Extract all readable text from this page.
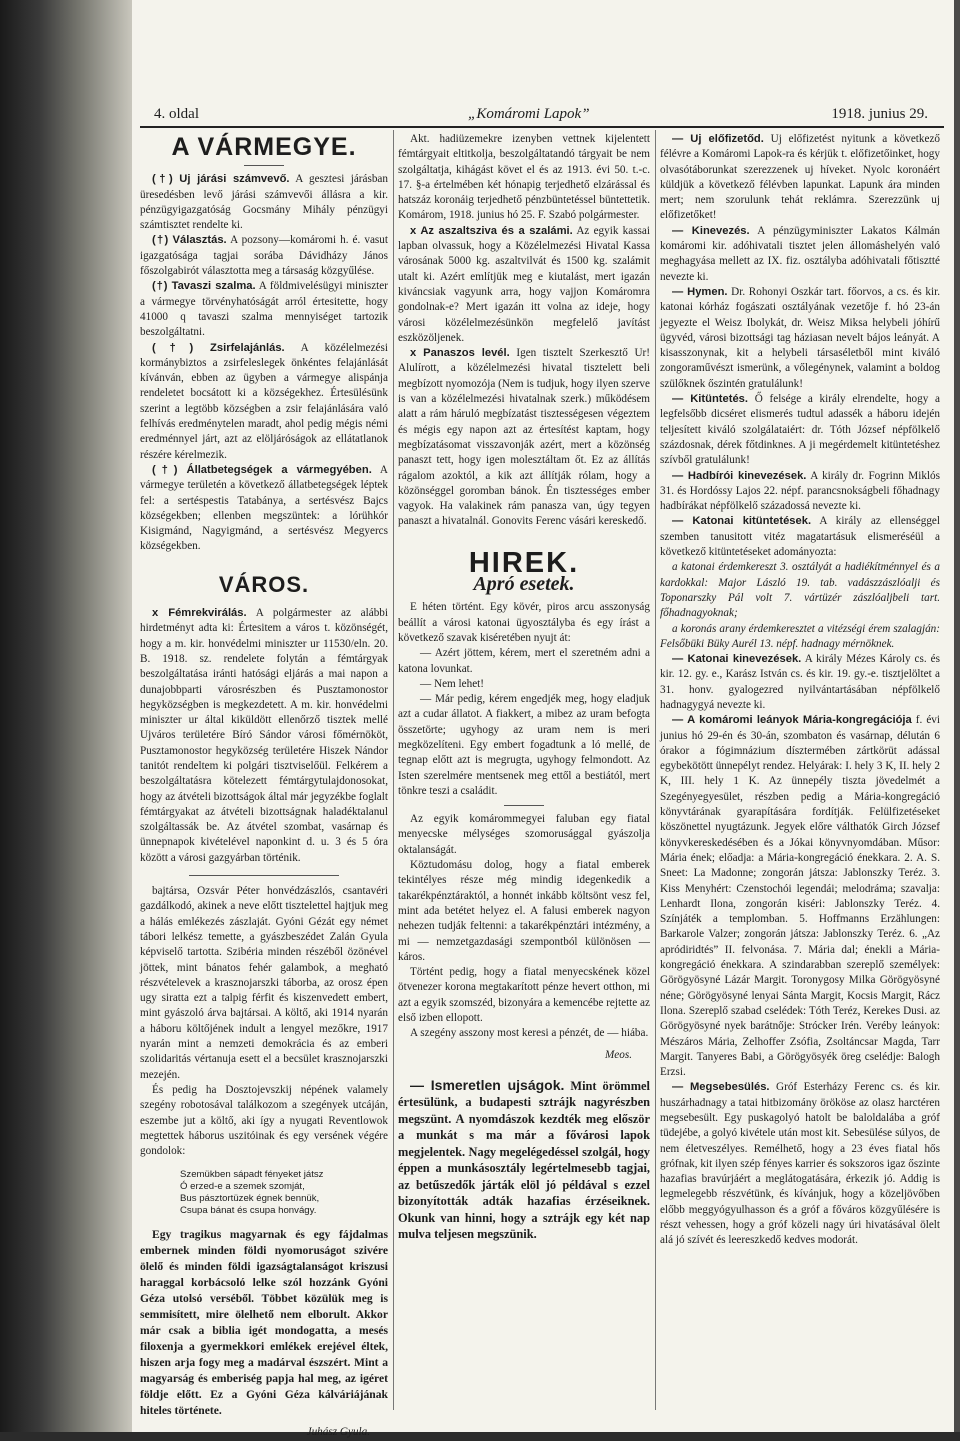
4. oldal	„Komáromi Lapok”	1918. junius 29.
A VÁRMEGYE.

(†) Uj járási számvevő. A gesztesi járásban üresedésben levő járási számvevői állásra a kir. pénzügyigazgatóság Gocsmány Mihály pénzügyi számtisztet rendelte ki.

(†) Választás. A pozsony—komáromi h. é. vasut igazgatósága tagjai sorába Dávidházy János főszolgabirót választotta meg a társaság közgyűlése.

(†) Tavaszi szalma. A földmivelésügyi miniszter a vármegye törvényhatóságát arról értesitette, hogy 41000 q tavaszi szalma mennyiséget tartozik beszolgáltatni.

(†) Zsirfelajánlás. A közélelmezési kormánybiztos a zsirfeleslegek önkéntes felajánlását kívánván, ebben az ügyben a vármegye alispánja rendeletet bocsátott ki a községekhez. Értesülésünk szerint a legtöbb községben a zsir felajánlására való felhívás eredménytelen maradt, ahol pedig mégis némi eredménnyel járt, azt az elöljáróságok az ellátatlanok részére kérelmezik.

(†) Állatbetegségek a vármegyében. A vármegye területén a következő állatbetegségek léptek fel: a sertéspestis Tatabánya, a sertésvész Bajcs községekben; ellenben megszüntek: a lórühkór Kisigmánd, Nagyigmánd, a sertésvész Megyercs községekben.

VÁROS.

x Fémrekvirálás. A polgármester az alábbi hirdetményt adta ki: Értesitem a város t. közönségét, hogy a m. kir. honvédelmi miniszter ur 11530/eln. 20. B. 1918. sz. rendelete folytán a fémtárgyak beszolgáltatása iránti hatósági eljárás a mai napon a dunajobbparti városrészben és Pusztamonostor hegyközségben is megkezdetett. A m. kir. honvédelmi miniszter ur által kiküldött ellenőrző tisztek mellé Ujváros területére Bíró Sándor városi főmérnököt, Pusztamonostor hegyközség területére Hiszek Nándor tanitót rendeltem ki polgári tisztviselőül. Felkérem a beszolgáltatásra kötelezett fémtárgytulajdonosokat, hogy az átvételi bizottságok által már jegyzékbe foglalt fémtárgyakat az átvételi bizottságnak haladéktalanul szolgáltassák be. Az átvétel szombat, vasárnap és ünnepnapok kivételével naponkint d. u. 3 és 5 óra között a városi gazgyárban történik.

bajtársa, Ozsvár Péter honvédzászlós, csantavéri gazdálkodó, akinek a neve előtt tisztelettel hajtjuk meg a hálás emlékezés zászlaját. Gyóni Gézát egy német tábori lelkész temette, a gyászbeszédet Zalán Gyula képviselő tartotta. Szibéria minden részéből özönével jöttek, mint bánatos fehér galambok, a megható részvételevek a krasznojarszki táborba, az orosz épen ugy siratta ezt a talpig férfit és kiszenvedett embert, mint gyászoló árva bajtársai. A költő, aki 1914 nyarán a háboru költőjének indult a lengyel mezőkre, 1917 nyarán mint a nemzeti demokrácia és az emberi szolidaritás vértanuja esett el a becsület krasznojarszki mezején.

És pedig ha Dosztojevszkij népének valamely szegény robotosával találkozom a szegények utcáján, eszembe jut a költő, aki így a nyugati Reventlowok megtettek háborus uszitóinak és egy versének végére gondolok:

Szemükben sápadt fényeket játsz
Ó erzed-e a szemek szomját,
Bus pásztortüzek égnek bennük,
Csupa bánat és csupa honvágy.

Egy tragikus magyarnak és egy fájdalmas embernek minden földi nyomoruságot szivére ölelő és minden földi igazságtalanságot kriszusi haraggal korbácsoló lelke szól hozzánk Gyóni Géza utolsó verséből. Többet közülük meg is semmisített, mire ölelhető nem elborult. Akkor már csak a biblia igét mondogatta, a mesés filoxenja a gyermekkori emlékek erejével éltek, hiszen arja fogy meg a madárval észszért. Mint a magyarság és emberiség papja hal meg, az igéret földje előtt. Ez a Gyóni Géza kálváriájának hiteles története.

Juhász Gyula.

Akt. hadiüzemekre izenyben vettnek kijelentett fémtárgyait eltitkolja, beszolgáltatandó tárgyait be nem szolgáltatja, kihágást követ el és az 1913. évi 50. t.-c. 17. §-a értelmében két hónapig terjedhető elzárással és hatszáz koronáig terjedhető pénzbüntetéssel büntettetik. Komárom, 1918. junius hó 25. F. Szabó polgármester.

x Az aszaltsziva és a szalámi. Az egyik kassai lapban olvassuk, hogy a Közélelmezési Hivatal Kassa városának 5000 kg. aszaltvilvát és 1500 kg. szalámit utalt ki. Azért említjük meg e kiutalást, mert igazán kiváncsiak vagyunk arra, hogy vajjon Komáromra gondolnak-e? Mert igazán itt volna az ideje, hogy városi közélelmezésünkön megfelelő javítást eszközöljenek.

x Panaszos levél. Igen tisztelt Szerkesztő Ur! Alulírott, a közélelmezési hivatal tisztelett beli megbízott nyomozója (Nem is tudjuk, hogy ilyen szerve is van a közélelmezési hivatalnak szerk.) működésem alatt a rám háruló megbízatást tisztességesen végeztem és mégis egy napon azt az értesítést kaptam, hogy megbízatásomat visszavonják azért, mert a közönség panaszt tett, hogy igen molesztáltam őt. Ez az állítás rágalom azoktól, a kik azt állítják rólam, hogy a közönséggel goromban bánok. Én tisztességes ember vagyok. Ha valakinek rám panasza van, úgy tegyen panaszt a hivatalnál. Gonovits Ferenc vásári kereskedő.

HIREK.
Apró esetek.

E héten történt. Egy kövér, piros arcu asszonyság beállít a városi katonai ügyosztályba és egy írást a következő szavak kiséretében nyujt át:

— Azért jöttem, kérem, mert el szeretném adni a katona lovunkat.

— Nem lehet!

— Már pedig, kérem engedjék meg, hogy eladjuk azt a cudar állatot. A fiakkert, a mibez az uram befogta összetörte; ugyhogy az uram nem is meri megközelíteni. Egy embert fogadtunk a ló mellé, de tegnap előtt azt is megrugta, ugyhogy felmondott. Az Isten szerelmére mentsenek meg ettől a bestiától, mert tönkre teszi a családit.

Az egyik komárommegyei faluban egy fiatal menyecske mélységes szomorusággal gyászolja oktalanságát.

Köztudomásu dolog, hogy a fiatal emberek tekintélyes része még mindig idegenkedik a takarékpénztáraktól, a honnét inkább költsönt vesz fel, mint ada betétet helyez el. A falusi emberek nagyon nehezen tudják feltenni: a takarékpénztári intézmény, a mi — nemzetgazdasági szempontból különösen — káros.

Történt pedig, hogy a fiatal menyecskének közel ötvenezer korona megtakarított pénze hevert ottho​n, mi azt a egyik szomszéd, bizonyára a kemencébe rejtette az első izben ellopott.

A szegény asszony most keresi a pénzét, de — hiába.

Meos.

— Ismeretlen ujságok. Mint örömmel értesülünk, a budapesti sztrájk nagyrészben megszünt. A nyomdászok kezdték meg először a munkát s ma már a fővárosi lapok megjelentek. Nagy megelégedéssel szolgál, hogy éppen a munkásosztály legértelmesebb tagjai, az betűszedők járták elöl jó példával s ezzel bizonyították adták hazafias érzéseiknek. Okunk van hinni, hogy a sztrájk egy két nap mulva teljesen megszünik.

— Uj előfizetőd. Uj előfizetést nyitunk a következő félévre a Komáromi Lapok-ra és kérjük t. előfizetőinket, hogy olvasótáborunkat szerezzenek uj híveket. Nyolc koronáért küldjük a következő félévben lapunkat. Lapunk ára minden mert; nem szorulunk tehát reklámra. Szerezzünk uj előfizetőket!

— Kinevezés. A pénzügyminiszter Lakatos Kálmán komáromi kir. adóhivatali tisztet jelen állomáshelyén való meghagyása mellett az IX. fiz. osztályba adóhivatali főtisztté nevezte ki.

— Hymen. Dr. Rohonyi Oszkár tart. főorvos, a cs. és kir. katonai kórház fogászati osztályának vezetője f. hó 23-án jegyezte el Weisz Ibolykát, dr. Weisz Miksa helybeli jóhírű ügyvéd, városi bizottsági tag háziasan nevelt bájos leányát. A kisasszonynak, kit a helybeli társaséletből mint kiváló zongoraművészt ismerünk, a vőlegénynek, valamint a boldog szülőknek őszintén gratulálunk!

— Kitüntetés. Ő felsége a király elrendelte, hogy a legfelsőbb dicséret elismerés tudtul adassék a háboru idején teljesített kiváló szolgálataiért: dr. Tóth József népfölkelő százdosnak, dérek főtdinknes. A ji megérdemelt kitüntetéshez szívből gratulálunk!

— Hadbírói kinevezések. A király dr. Fogrinn Miklós 31. és Hordóssy Lajos 22. népf. parancsnokságbeli főhadnagy hadbírákat népfölkelő századossá nevezte ki.

— Katonai kitüntetések. A király az ellenséggel szemben tanusitott vitéz magatartásuk elismeréséül a következő kitüntetéseket adományozta:

a katonai érdemkereszt 3. osztályát a hadiékítménnyel és a kardokkal: Major László 19. tab. vadászzászlóalji és Toponarszky Pál volt 7. vártüzér zászlóaljbeli tart. főhadnagyoknak;

a koronás arany érdemkeresztet a vitézségi érem szalagján: Felsőbüki Büky Aurél 13. népf. hadnagy mérnöknek.

— Katonai kinevezések. A király Mézes Károly cs. és kir. 12. gy. e., Karász István cs. és kir. 19. gy.-e. tisztjelöltet a 31. honv. gyalogezred nyilvántartásában népfölkelő hadnagygyá nevezte ki.

— A komáromi leányok Mária-kongregációja f. évi junius hó 29-én és 30-án, szombaton és vasárnap, délután 6 órakor a fógimnázium dísztermében zártkörüt adással egybekötött ünnepélyt rendez. Helyárak: I. hely 3 K, II. hely 2 K, III. hely 1 K. Az ünnepély tiszta jövedelmét a Szegényegyesület, részben pedig a Mária-kongregáció könyvtárának gyarapítására fordítják. Felülfizetéseket köszönettel nyugtázunk. Jegyek előre válthatók Girch József könyvkereskedésében és a Jókai könyvnyomdában. Műsor: Mária ének; előadja: a Mária-kongregáció énekkara. 2. A. S. Sneet: La Madonne; zongorán játsza: Jablonszky Teréz. 3. Kiss Menyhért: Czenstochói legendái; melodráma; szavalja: Lenhardt Ilona, zongorán kiséri: Jablonszky Teréz. 4. Színjáték a templomban. 5. Hoffmanns Erzählungen: Barkarole Valzer; zongorán játsza: Jablonszky Teréz. 6. „Az apródiridtés” II. felvonása. 7. Mária dal; énekli a Mária-kongregáció énekkara. A szindarabban szereplő személyek: Görögyösyné Lázár Margit. Toronygosy Milka Görögyösyné néne; Görögyösyné lenyai Sánta Margit, Kocsis Margit, Rácz Ilona. Szereplő szabad cselédek: Tóth Teréz, Kerekes Dusi. az Görögyösyné nyek barátnője: Strócker Irén. Veréby leányok: Mészáros Mária, Zelhoffer Zsófia, Zsoltáncsar Magda, Tarr Margit. Tanyeres Babi, a Görögyösyék öreg cselédje: Balogh Erzsi.

— Megsebesülés. Gróf Esterházy Ferenc cs. és kir. huszárhadnagy a tatai hitbizomány örököse az olasz harctéren megsebesült. Egy puskagolyó hatolt be baloldalába a gróf tüdejébe, a golyó kivétele után most kit. Sebesülése súlyos, de nem életveszélyes. Remélhető, hogy a 23 éves fiatal hős grófnak, kit ilyen szép fényes karrier és sokszoros igaz őszinte hazafias bravúrjáért a meglátogatására, érkezik jó. Addig is legmelegebb részvétünk, és kívánjuk, hogy a közeljövőben előbb meggyógyulhasson és a gróf a főváros közgyűlésére is részt vehessen, hogy a gróf közeli nagy úri hivatásával ölelt alá jó szívét és leereszkedő kedves modorát.
